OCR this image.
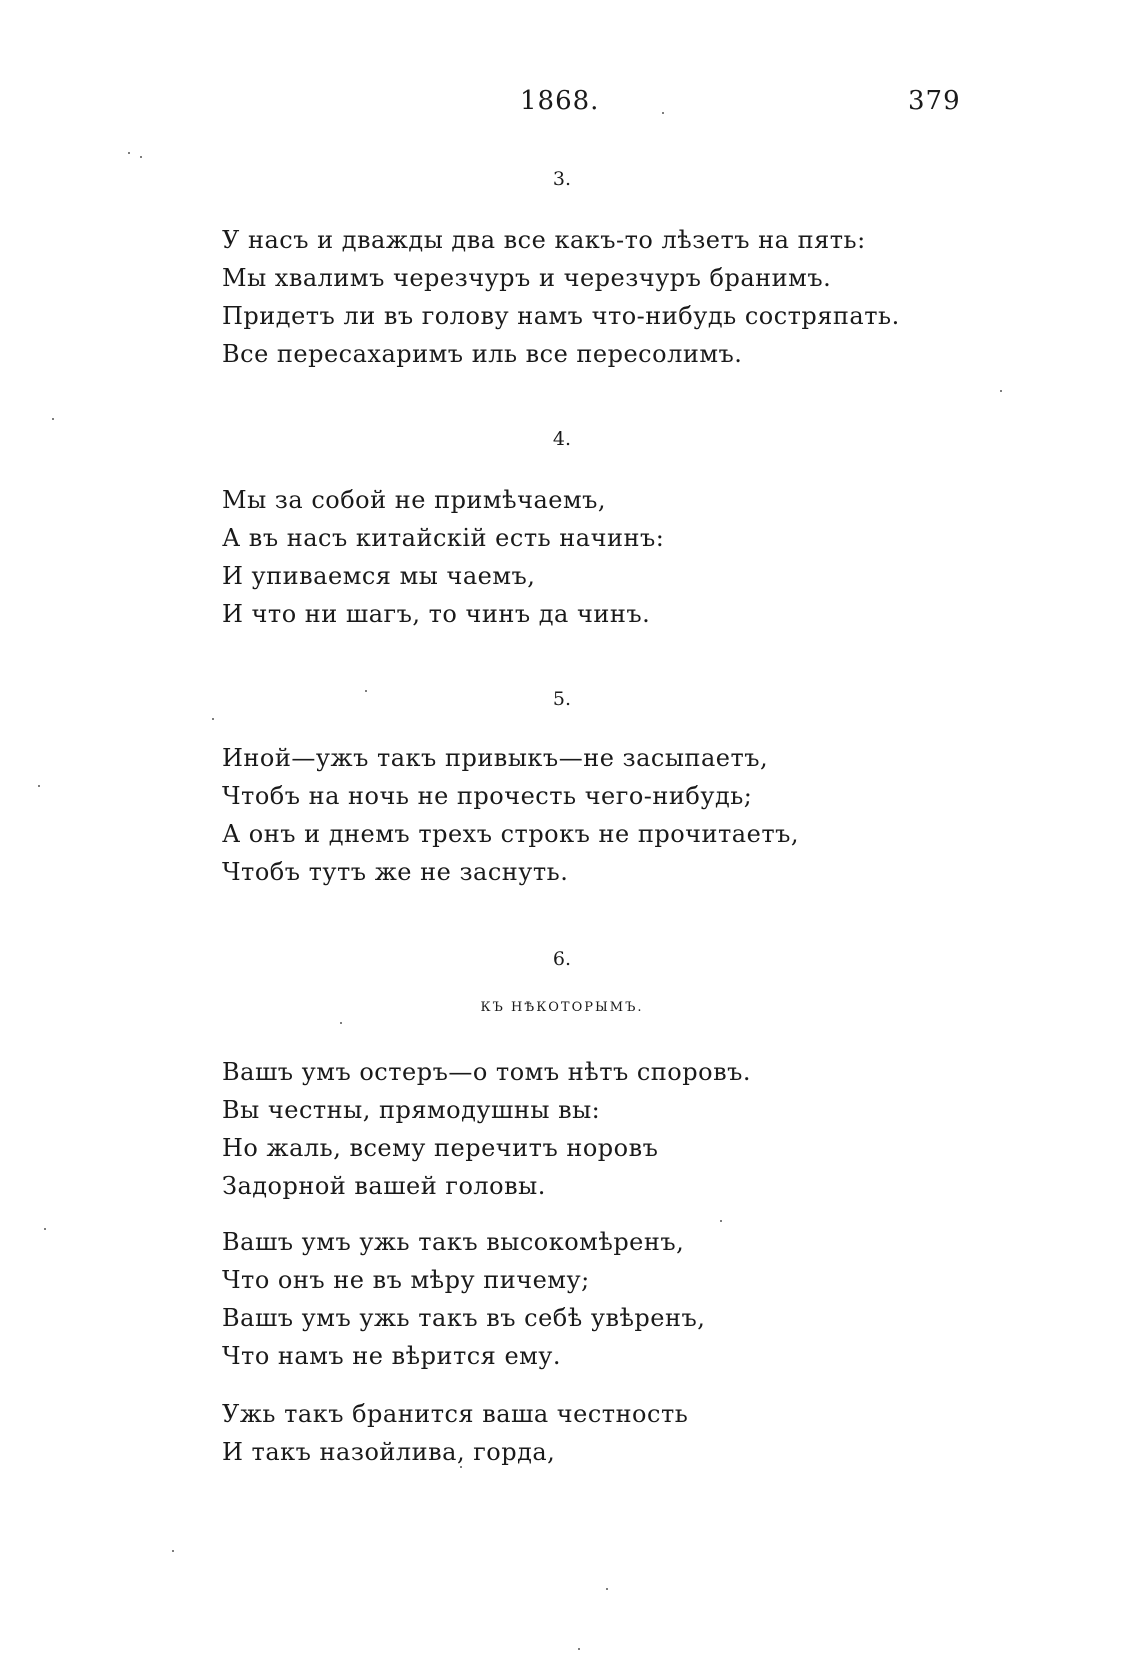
1868.	379
3.
У насъ и дважды два все какъ-то лѣзетъ на пять:
Мы хвалимъ черезчуръ и черезчуръ бранимъ.
Придетъ ли въ голову намъ что-нибудь состряпать.
Все пересахаримъ иль все пересолимъ.
4.
Мы за собой не примѣчаемъ,
А въ насъ китайскій есть начинъ:
И упиваемся мы чаемъ,
И что ни шагъ, то чинъ да чинъ.
5.
Иной—ужъ такъ привыкъ—не засыпаетъ,
Чтобъ на ночь не прочесть чего-нибудь;
А онъ и днемъ трехъ строкъ не прочитаетъ,
Чтобъ тутъ же не заснуть.
6.
КЪ НѢКОТОРЫМЪ.
Вашъ умъ остеръ—о томъ нѣтъ споровъ.
Вы честны, прямодушны вы:
Но жаль, всему перечитъ норовъ
Задорной вашей головы.
Вашъ умъ ужь такъ высокомѣренъ,
Что онъ не въ мѣру пичему;
Вашъ умъ ужь такъ въ себѣ увѣренъ,
Что намъ не вѣрится ему.
Ужь такъ бранится ваша честность
И такъ назойлива, горда,
